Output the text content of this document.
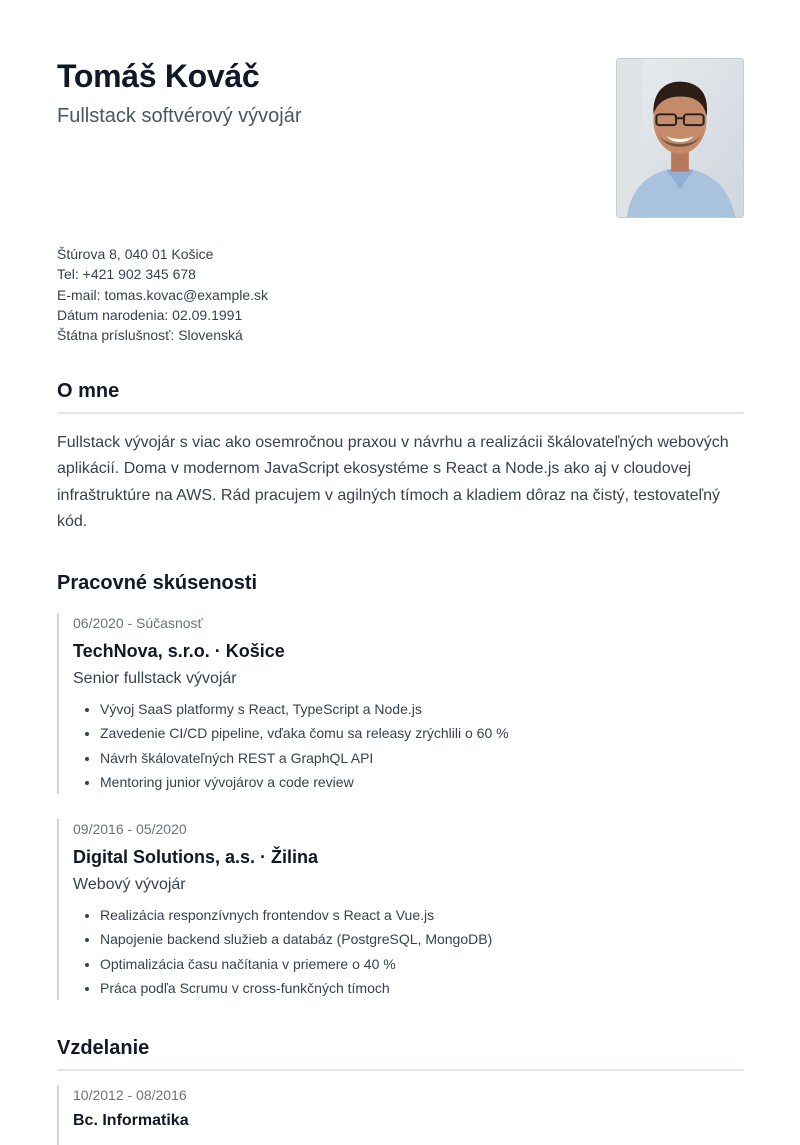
Tomáš Kováč

Fullstack softvérový vývojár

Štúrova 8, 040 01 Košice
Tel: +421 902 345 678
E-mail: tomas.kovac@example.sk
Dátum narodenia: 02.09.1991
Štátna príslušnosť: Slovenská
O mne

Fullstack vývojár s viac ako osemročnou praxou v návrhu a realizácii škálovateľných webových aplikácií. Doma v modernom JavaScript ekosystéme s React a Node.js ako aj v cloudovej infraštruktúre na AWS. Rád pracujem v agilných tímoch a kladiem dôraz na čistý, testovateľný kód.

Pracovné skúsenosti
06/2020 - Súčasnosť
TechNova, s.r.o. · Košice
Senior fullstack vývojár
• Vývoj SaaS platformy s React, TypeScript a Node.js
• Zavedenie CI/CD pipeline, vďaka čomu sa releasy zrýchlili o 60 %
• Návrh škálovateľných REST a GraphQL API
• Mentoring junior vývojárov a code review
09/2016 - 05/2020
Digital Solutions, a.s. · Žilina
Webový vývojár
• Realizácia responzívnych frontendov s React a Vue.js
• Napojenie backend služieb a databáz (PostgreSQL, MongoDB)
• Optimalizácia času načítania v priemere o 40 %
• Práca podľa Scrumu v cross-funkčných tímoch
Vzdelanie
10/2012 - 08/2016
Bc. Informatika
